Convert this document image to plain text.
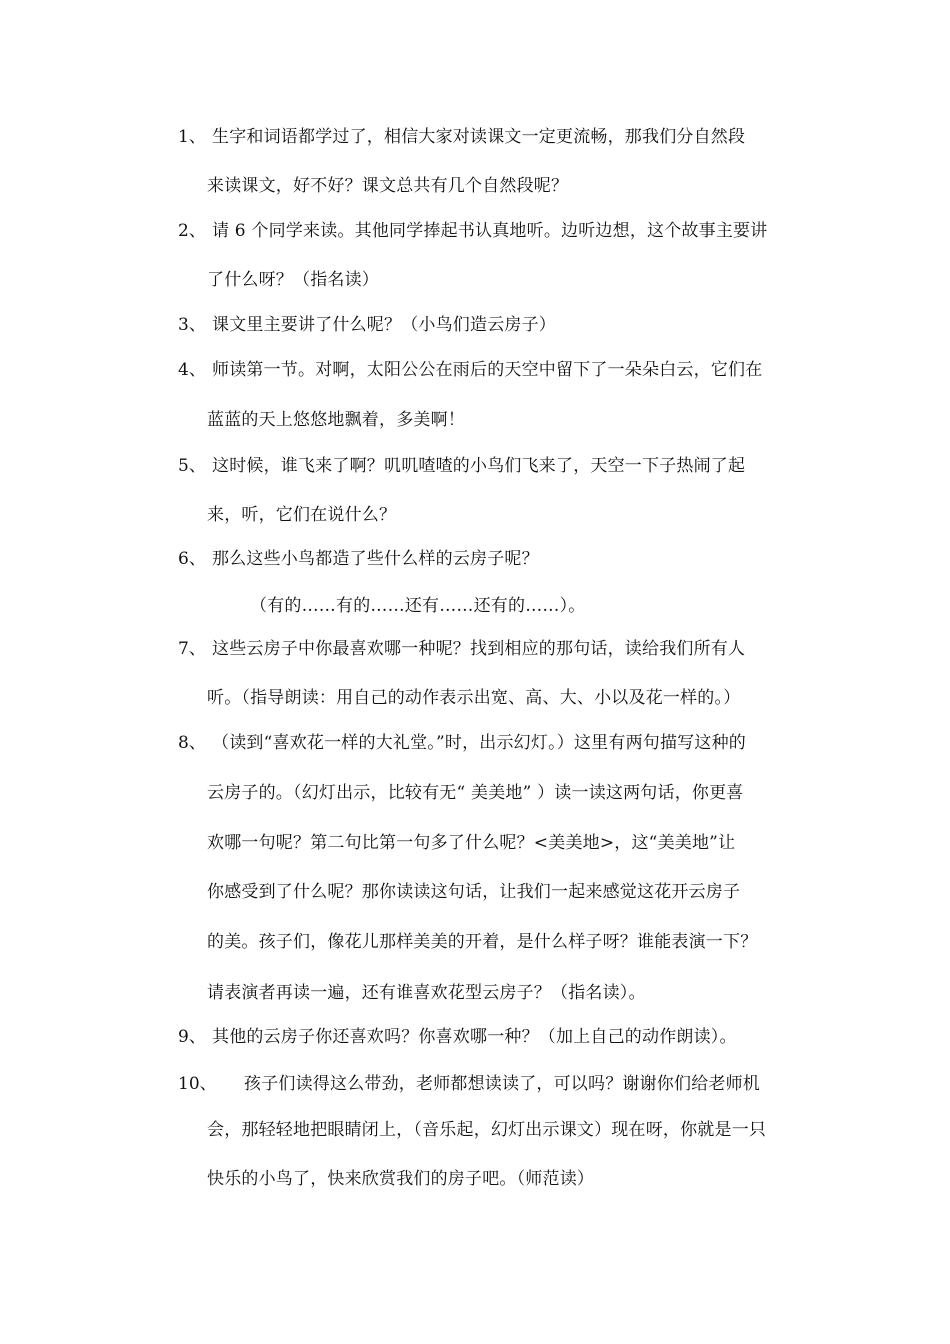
1、 生字和词语都学过了，相信大家对读课文一定更流畅，那我们分自然段
来读课文，好不好？课文总共有几个自然段呢？
2、 请 6 个同学来读。其他同学捧起书认真地听。边听边想，这个故事主要讲
了什么呀？（指名读）
3、 课文里主要讲了什么呢？（小鸟们造云房子）
4、 师读第一节。对啊，太阳公公在雨后的天空中留下了一朵朵白云，它们在
蓝蓝的天上悠悠地飘着，多美啊！
5、 这时候，谁飞来了啊？叽叽喳喳的小鸟们飞来了，天空一下子热闹了起
来，听，它们在说什么？
6、 那么这些小鸟都造了些什么样的云房子呢？
（有的……有的……还有……还有的……）。
7、 这些云房子中你最喜欢哪一种呢？找到相应的那句话，读给我们所有人
听。（指导朗读：用自己的动作表示出宽、高、大、小以及花一样的。）
8、 （读到“喜欢花一样的大礼堂。”时，出示幻灯。）这里有两句描写这种的
云房子的。（幻灯出示，比较有无“ 美美地” ）读一读这两句话，你更喜
欢哪一句呢？第二句比第一句多了什么呢？<美美地>，这“美美地”让
你感受到了什么呢？那你读读这句话，让我们一起来感觉这花开云房子
的美。孩子们，像花儿那样美美的开着，是什么样子呀？谁能表演一下？
请表演者再读一遍，还有谁喜欢花型云房子？（指名读）。
9、 其他的云房子你还喜欢吗？你喜欢哪一种？（加上自己的动作朗读）。
10、 孩子们读得这么带劲，老师都想读读了，可以吗？谢谢你们给老师机
会，那轻轻地把眼睛闭上，（音乐起，幻灯出示课文）现在呀，你就是一只
快乐的小鸟了，快来欣赏我们的房子吧。（师范读）
